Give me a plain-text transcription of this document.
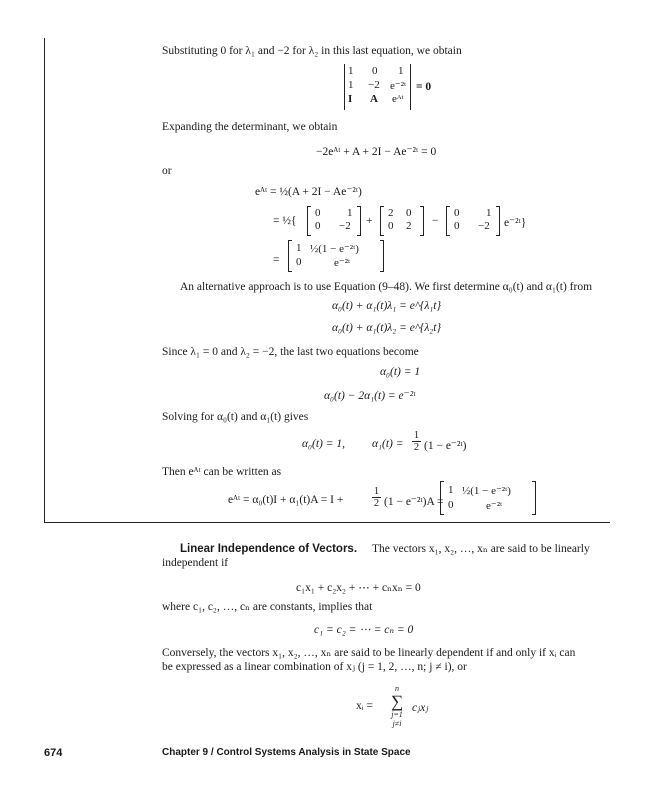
Substituting 0 for λ₁ and −2 for λ₂ in this last equation, we obtain
1 0 1
1 −2 e⁻²ᵗ
I A eᴬᵗ
= 0
Expanding the determinant, we obtain
−2eᴬᵗ + A + 2I − Ae⁻²ᵗ = 0
or
eᴬᵗ = ½(A + 2I − Ae⁻²ᵗ)
= ½{
0 1
0 −2 +
2 0
0 2 −
0 1
0 −2 e⁻²ᵗ}
=
1 ½(1 − e⁻²ᵗ)
0	e⁻²ᵗ
An alternative approach is to use Equation (9–48). We first determine α₀(t) and α₁(t) from
α₀(t) + α₁(t)λ₁ = e^{λ₁t}
α₀(t) + α₁(t)λ₂ = e^{λ₂t}
Since λ₁ = 0 and λ₂ = −2, the last two equations become
α₀(t) = 1
α₀(t) − 2α₁(t) = e⁻²ᵗ
Solving for α₀(t) and α₁(t) gives
α₀(t) = 1, $\alpha_1(t) = \frac{1}{2} (1$ − e⁻²ᵗ)
Then eᴬᵗ can be written as
eᴬᵗ = α₀(t)I + α₁(t)A = I +	$\frac{1}{2} (1$ − e⁻²ᵗ)A =
1 ½(1 − e⁻²ᵗ)
0	e⁻²ᵗ
Linear Independence of Vectors. The vectors x₁, x₂, …, xₙ are said to be linearly
independent if
c₁x₁ + c₂x₂ + ⋯ + cₙxₙ = 0
where c₁, c₂, …, cₙ are constants, implies that
c₁ = c₂ = ⋯ = cₙ = 0
Conversely, the vectors x₁, x₂, …, xₙ are said to be linearly dependent if and only if xᵢ can
be expressed as a linear combination of xⱼ (j = 1, 2, …, n; j ≠ i), or
xᵢ =
n
∑
j=1
j≠i
cⱼxⱼ
674	Chapter 9 / Control Systems Analysis in State Space
